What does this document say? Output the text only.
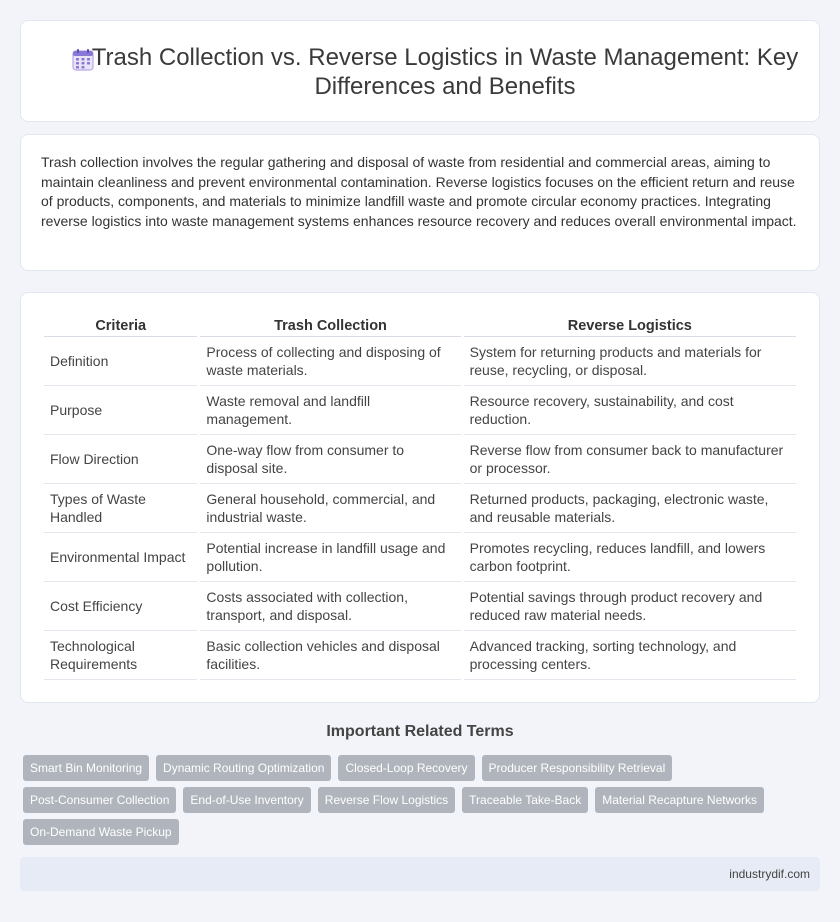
Trash Collection vs. Reverse Logistics in Waste Management: Key Differences and Benefits

Trash collection involves the regular gathering and disposal of waste from residential and commercial areas, aiming to maintain cleanliness and prevent environmental contamination. Reverse logistics focuses on the efficient return and reuse of products, components, and materials to minimize landfill waste and promote circular economy practices. Integrating reverse logistics into waste management systems enhances resource recovery and reduces overall environmental impact.

Criteria	Trash Collection	Reverse Logistics
Definition	Process of collecting and disposing of waste materials.	System for returning products and materials for reuse, recycling, or disposal.
Purpose	Waste removal and landfill management.	Resource recovery, sustainability, and cost reduction.
Flow Direction	One-way flow from consumer to disposal site.	Reverse flow from consumer back to manufacturer or processor.
Types of Waste Handled	General household, commercial, and industrial waste.	Returned products, packaging, electronic waste, and reusable materials.
Environmental Impact	Potential increase in landfill usage and pollution.	Promotes recycling, reduces landfill, and lowers carbon footprint.
Cost Efficiency	Costs associated with collection, transport, and disposal.	Potential savings through product recovery and reduced raw material needs.
Technological Requirements	Basic collection vehicles and disposal facilities.	Advanced tracking, sorting technology, and processing centers.
Important Related Terms
Smart Bin Monitoring	Dynamic Routing Optimization	Closed-Loop Recovery	Producer Responsibility Retrieval
Post-Consumer Collection	End-of-Use Inventory	Reverse Flow Logistics	Traceable Take-Back	Material Recapture Networks
On-Demand Waste Pickup
industrydif.com
